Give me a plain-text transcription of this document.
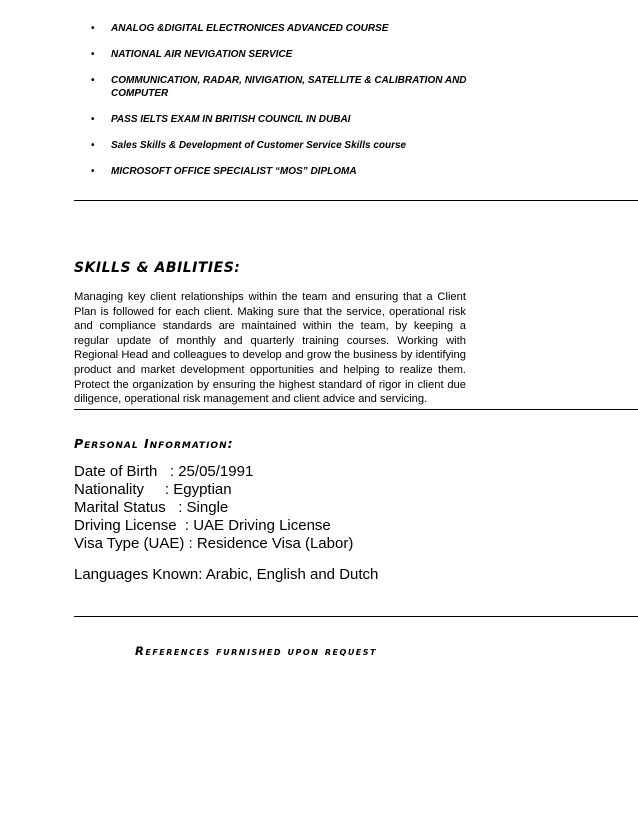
• ANALOG &DIGITAL ELECTRONICES ADVANCED COURSE
• NATIONAL AIR NEVIGATION SERVICE
• COMMUNICATION, RADAR, NIVIGATION, SATELLITE & CALIBRATION AND COMPUTER
• PASS IELTS EXAM IN BRITISH COUNCIL IN DUBAI
• Sales Skills & Development of Customer Service Skills course
• MICROSOFT OFFICE SPECIALIST “MOS” DIPLOMA
SKILLS & ABILITIES:

Managing key client relationships within the team and ensuring that a Client Plan is followed for each client. Making sure that the service, operational risk and compliance standards are maintained within the team, by keeping a regular update of monthly and quarterly training courses. Working with Regional Head and colleagues to develop and grow the business by identifying product and market development opportunities and helping to realize them. Protect the organization by ensuring the highest standard of rigor in client due diligence, operational risk management and client advice and servicing.

Personal Information:
Date of Birth   : 25/05/1991
Nationality     : Egyptian
Marital Status   : Single
Driving License  : UAE Driving License
Visa Type (UAE) : Residence Visa (Labor)

Languages Known: Arabic, English and Dutch

References furnished upon request
